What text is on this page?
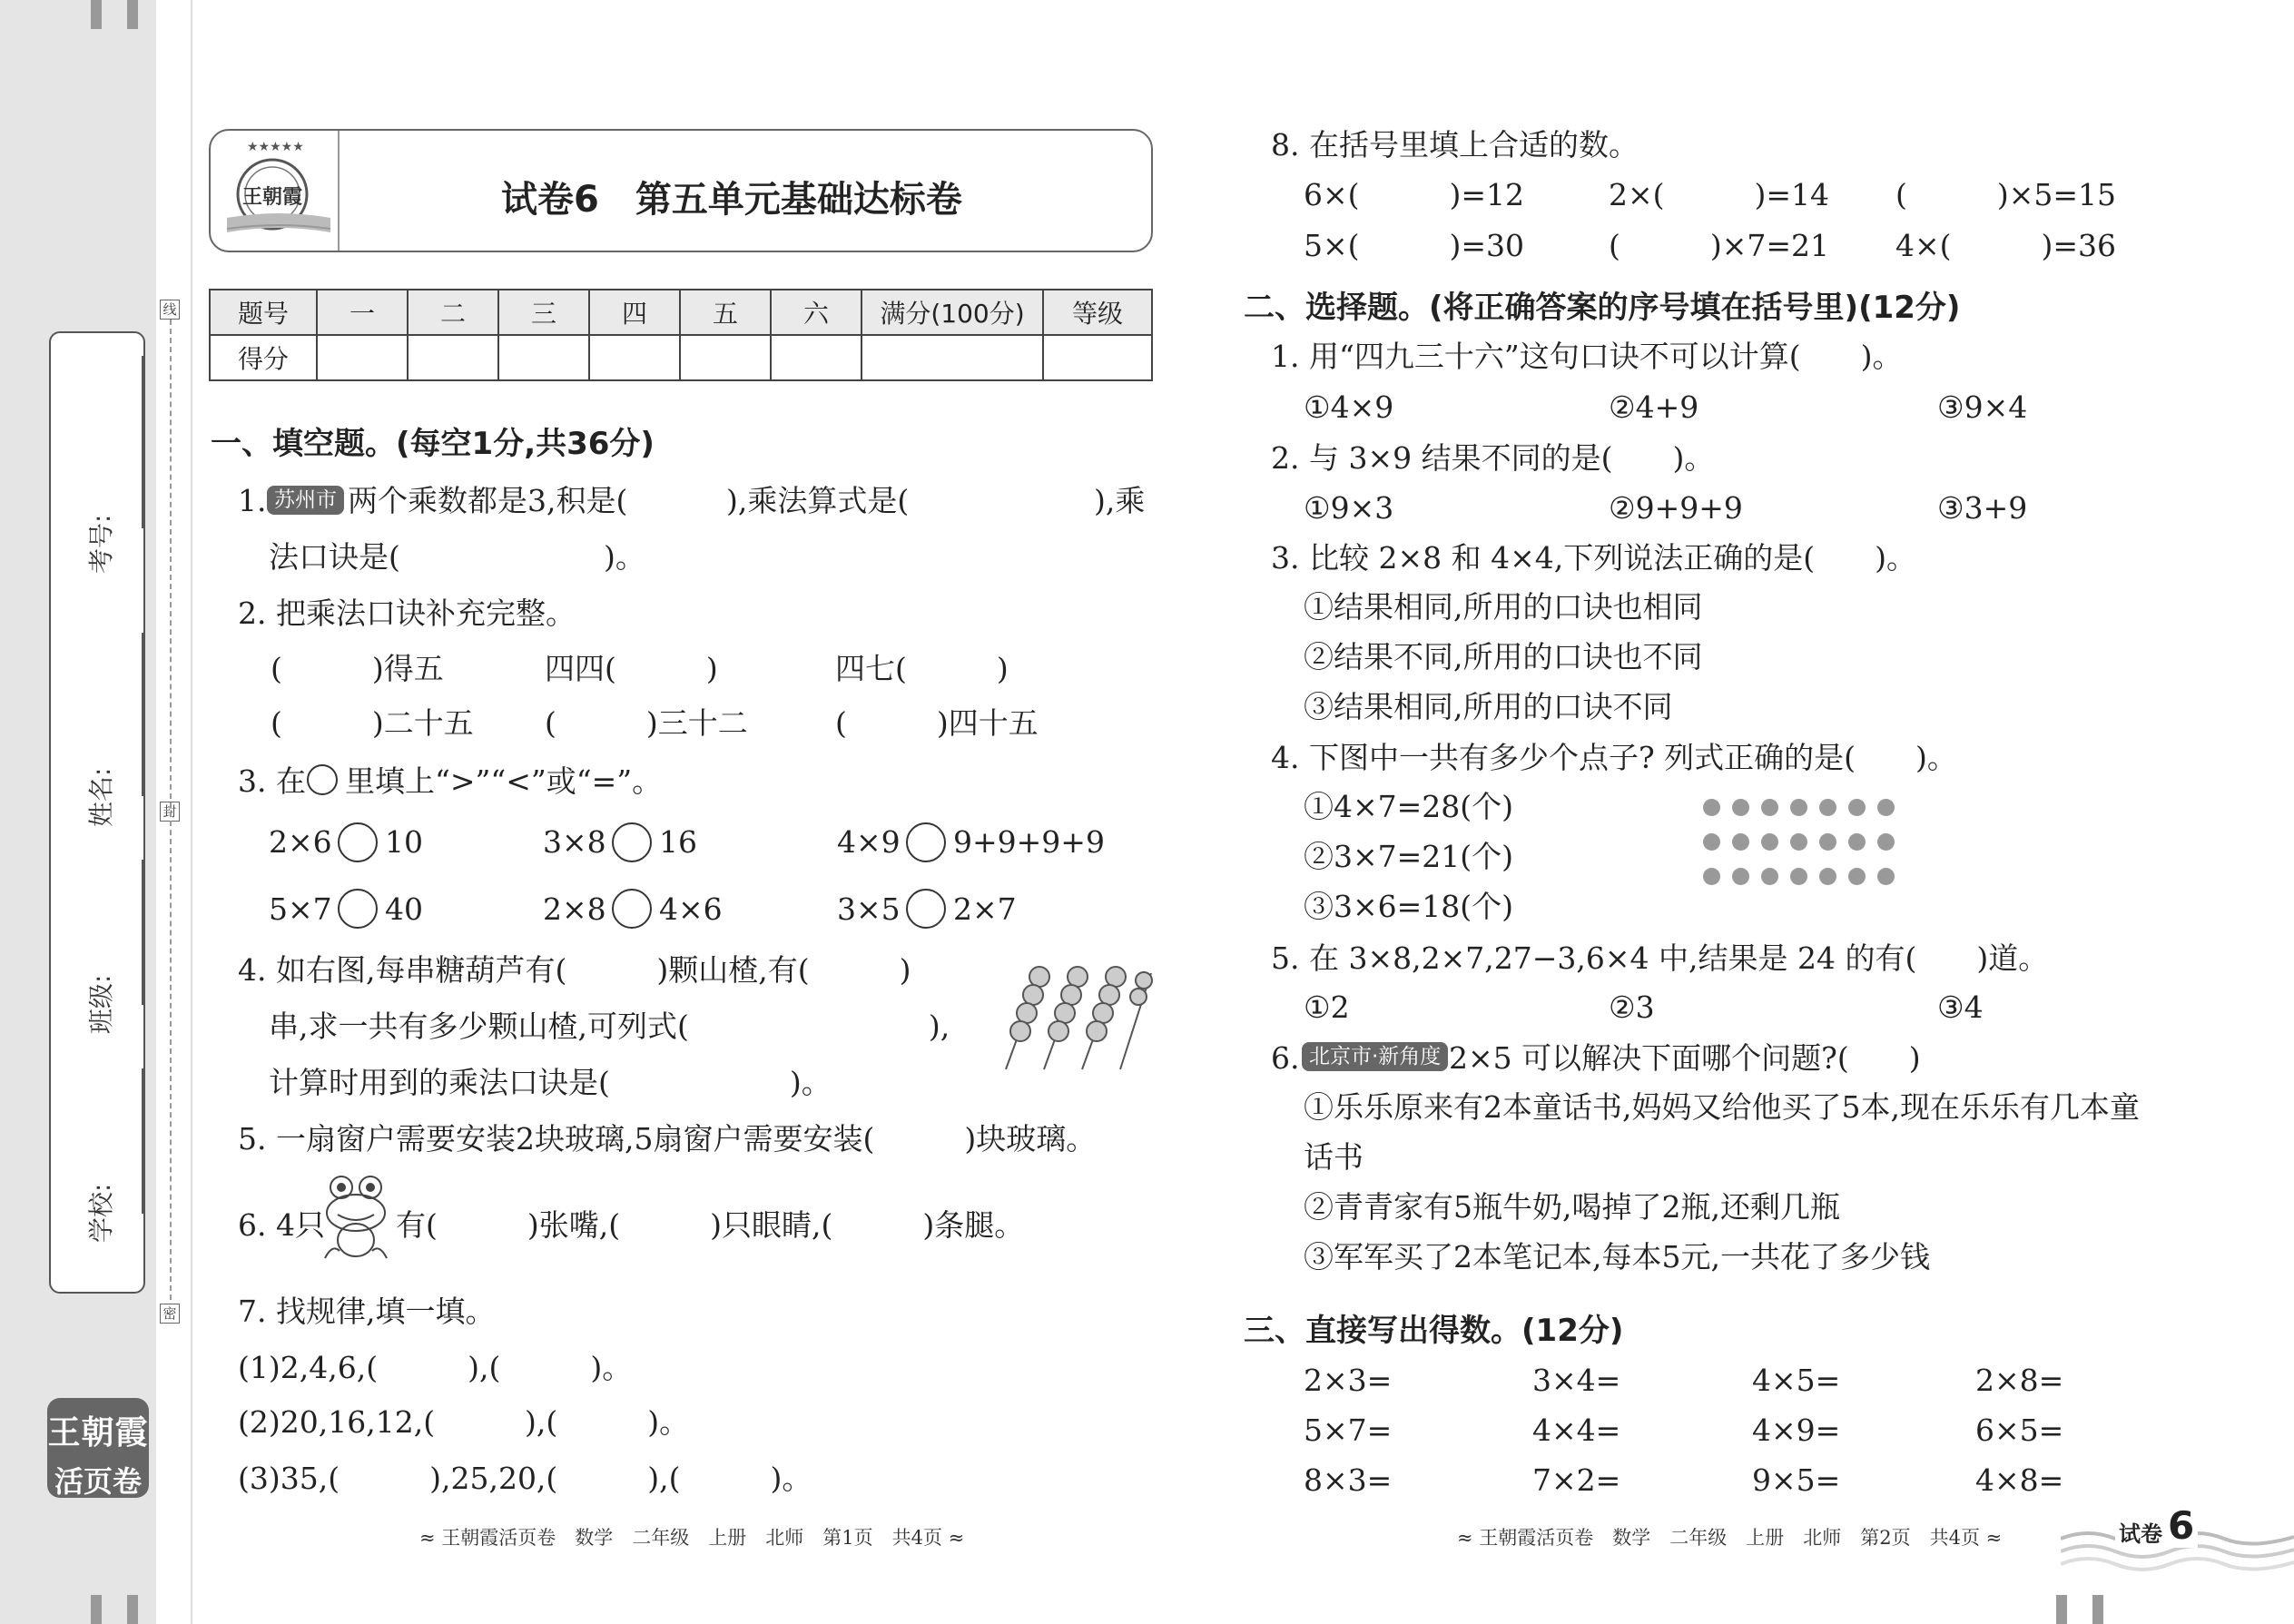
学校:
班级:
姓名:
考号:
线
封
密
王朝霞
活页卷
★★★★★
王朝霞	试卷6　第五单元基础达标卷
题号	一	二	三	四	五	六	满分(100分)	等级
得分								
一、填空题。(每空1分,共36分)
1. 苏州市 两个乘数都是3,积是(	),乘法算式是(	),乘
法口诀是(	)。
2. 把乘法口诀补充完整。
(　　　)得五	四四(　　　)	四七(　　　)
(　　　)二十五 (　　　)三十二	(　　　)四十五
3. 在 里填上“>”“<”或“=”。
2×6 10	3×8 16	4×9 9+9+9+9
5×7 40	2×8 4×6	3×5 2×7
4. 如右图,每串糖葫芦有(　　　)颗山楂,有(　　　)
串,求一共有多少颗山楂,可列式(　　　　　　　　),
计算时用到的乘法口诀是(　　　　　　)。
5. 一扇窗户需要安装2块玻璃,5扇窗户需要安装(　　　)块玻璃。
6. 4只 有(　　　)张嘴,(　　　)只眼睛,(　　　)条腿。
7. 找规律,填一填。
(1)2,4,6,(　　　),(　　　)。
(2)20,16,12,(　　　),(　　　)。
(3)35,(　　　),25,20,(　　　),(　　　)。
≈ 王朝霞活页卷　数学　二年级　上册　北师　第1页　共4页 ≈
8. 在括号里填上合适的数。
6×(　　　)=12	2×(　　　)=14 (　　　)×5=15
5×(　　　)=30	(　　　)×7=21 4×(　　　)=36
二、选择题。(将正确答案的序号填在括号里)(12分)
1. 用“四九三十六”这句口诀不可以计算(　　)。
①4×9	②4+9	③9×4
2. 与 3×9 结果不同的是(　　)。
①9×3	②9+9+9	③3+9
3. 比较 2×8 和 4×4,下列说法正确的是(　　)。
①结果相同,所用的口诀也相同
②结果不同,所用的口诀也不同
③结果相同,所用的口诀不同
4. 下图中一共有多少个点子? 列式正确的是(　　)。
①4×7=28(个)
②3×7=21(个)
③3×6=18(个)
5. 在 3×8,2×7,27−3,6×4 中,结果是 24 的有(　　)道。
①2	②3	③4
6. 北京市·新角度 2×5 可以解决下面哪个问题?(　　)
①乐乐原来有2本童话书,妈妈又给他买了5本,现在乐乐有几本童
话书
②青青家有5瓶牛奶,喝掉了2瓶,还剩几瓶
③军军买了2本笔记本,每本5元,一共花了多少钱
三、直接写出得数。(12分)
2×3=	3×4=	4×5=	2×8=
5×7=	4×4=	4×9=	6×5=
8×3=	7×2=	9×5=	4×8=
≈ 王朝霞活页卷　数学　二年级　上册　北师　第2页　共4页 ≈	试卷 6
